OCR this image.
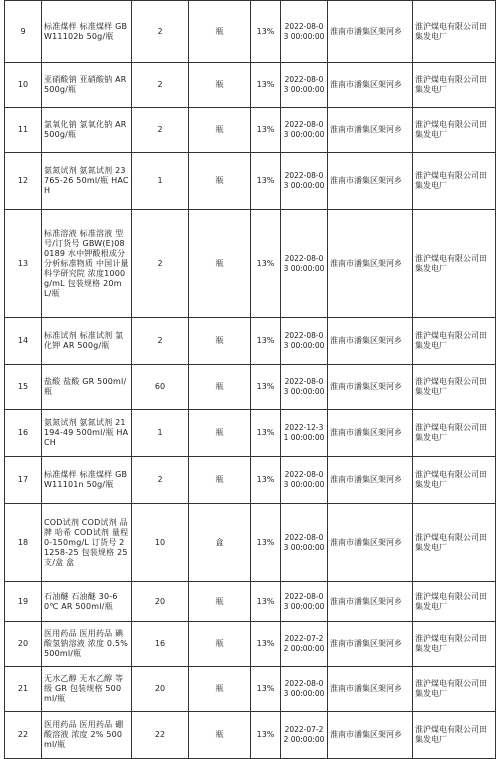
9	标准煤样 标准煤样 GBW11102b 50g/瓶	2	瓶	13%	2022-08-03 00:00:00	淮南市潘集区架河乡	淮沪煤电有限公司田集发电厂
10	亚硝酸钠 亚硝酸钠 AR 500g/瓶	2	瓶	13%	2022-08-03 00:00:00	淮南市潘集区架河乡	淮沪煤电有限公司田集发电厂
11	氯氧化钠 氯氧化钠 AR 500g/瓶	2	瓶	13%	2022-08-03 00:00:00	淮南市潘集区架河乡	淮沪煤电有限公司田集发电厂
12	氨氮试剂 氨氮试剂 23765-26 50ml/瓶 HACH	1	瓶	13%	2022-08-03 00:00:00	淮南市潘集区架河乡	淮沪煤电有限公司田集发电厂
13	标准溶液 标准溶液 型号/订货号 GBW(E)080189 水中钾酸根成分分析标准物质 中国计量科学研究院 浓度1000g/mL 包装规格 20mL/瓶	2	瓶	13%	2022-08-03 00:00:00	淮南市潘集区架河乡	淮沪煤电有限公司田集发电厂
14	标准试剂 标准试剂 氯化钾 AR 500g/瓶	2	瓶	13%	2022-08-03 00:00:00	淮南市潘集区架河乡	淮沪煤电有限公司田集发电厂
15	盐酸 盐酸 GR 500ml/瓶	60	瓶	13%	2022-08-03 00:00:00	淮南市潘集区架河乡	淮沪煤电有限公司田集发电厂
16	氨氮试剂 氨氮试剂 21194-49 500ml/瓶 HACH	1	瓶	13%	2022-12-31 00:00:00	淮南市潘集区架河乡	淮沪煤电有限公司田集发电厂
17	标准煤样 标准煤样 GBW11101n 50g/瓶	2	瓶	13%	2022-08-03 00:00:00	淮南市潘集区架河乡	淮沪煤电有限公司田集发电厂
18	COD试剂 COD试剂 品牌 哈希 COD试剂 量程 0-150mg/L 订货号 21258-25 包装规格 25支/盒 盒	10	盒	13%	2022-08-03 00:00:00	淮南市潘集区架河乡	淮沪煤电有限公司田集发电厂
19	石油醚 石油醚 30-60℃ AR 500ml/瓶	20	瓶	13%	2022-08-03 00:00:00	淮南市潘集区架河乡	淮沪煤电有限公司田集发电厂
20	医用药品 医用药品 碘酸氢钠溶液 浓度 0.5% 500ml/瓶	16	瓶	13%	2022-07-22 00:00:00	淮南市潘集区架河乡	淮沪煤电有限公司田集发电厂
21	无水乙醇 无水乙醇 等级 GR 包装规格 500ml/瓶	20	瓶	13%	2022-08-03 00:00:00	淮南市潘集区架河乡	淮沪煤电有限公司田集发电厂
22	医用药品 医用药品 硼酸溶液 浓度 2% 500ml/瓶	22	瓶	13%	2022-07-22 00:00:00	淮南市潘集区架河乡	淮沪煤电有限公司田集发电厂
